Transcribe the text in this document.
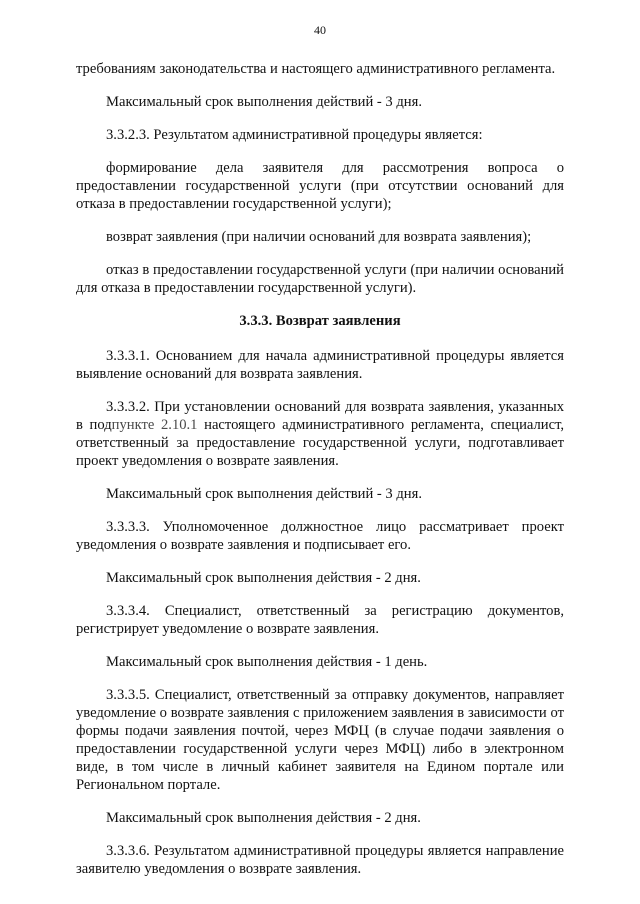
40

требованиям законодательства и настоящего административного регламента.

Максимальный срок выполнения действий - 3 дня.

3.3.2.3. Результатом административной процедуры является:

формирование дела заявителя для рассмотрения вопроса о предоставлении государственной услуги (при отсутствии оснований для отказа в предоставлении государственной услуги);

возврат заявления (при наличии оснований для возврата заявления);

отказ в предоставлении государственной услуги (при наличии оснований для отказа в предоставлении государственной услуги).

3.3.3. Возврат заявления

3.3.3.1. Основанием для начала административной процедуры является выявление оснований для возврата заявления.

3.3.3.2. При установлении оснований для возврата заявления, указанных в подпункте 2.10.1 настоящего административного регламента, специалист, ответственный за предоставление государственной услуги, подготавливает проект уведомления о возврате заявления.

Максимальный срок выполнения действий - 3 дня.

3.3.3.3. Уполномоченное должностное лицо рассматривает проект уведомления о возврате заявления и подписывает его.

Максимальный срок выполнения действия - 2 дня.

3.3.3.4. Специалист, ответственный за регистрацию документов, регистрирует уведомление о возврате заявления.

Максимальный срок выполнения действия - 1 день.

3.3.3.5. Специалист, ответственный за отправку документов, направляет уведомление о возврате заявления с приложением заявления в зависимости от формы подачи заявления почтой, через МФЦ (в случае подачи заявления о предоставлении государственной услуги через МФЦ) либо в электронном виде, в том числе в личный кабинет заявителя на Едином портале или Региональном портале.

Максимальный срок выполнения действия - 2 дня.

3.3.3.6. Результатом административной процедуры является направление заявителю уведомления о возврате заявления.
